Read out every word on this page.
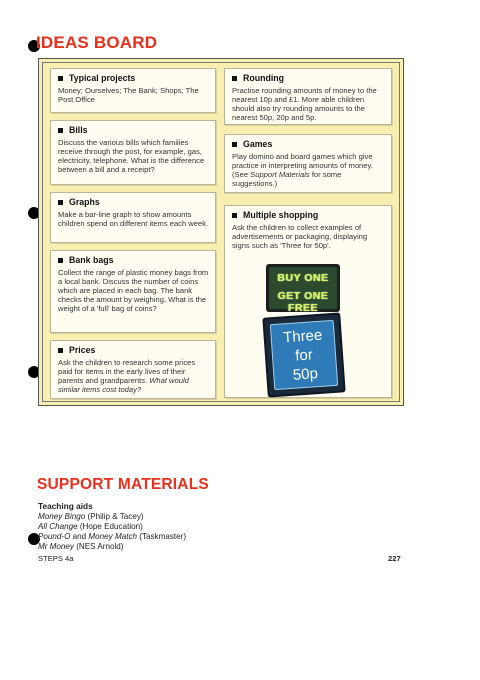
IDEAS BOARD
Typical projects
Money; Ourselves; The Bank; Shops; The Post Office
Bills
Discuss the various bills which families receive through the post, for example, gas, electricity, telephone. What is the difference between a bill and a receipt?
Graphs
Make a bar-line graph to show amounts children spend on different items each week.
Bank bags
Collect the range of plastic money bags from a local bank. Discuss the number of coins which are placed in each bag. The bank checks the amount by weighing. What is the weight of a 'full' bag of coins?
Prices
Ask the children to research some prices paid for items in the early lives of their parents and grandparents. What would similar items cost today?
Rounding
Practise rounding amounts of money to the nearest 10p and £1. More able children should also try rounding amounts to the nearest 50p, 20p and 5p.
Games
Play domino and board games which give practice in interpreting amounts of money. (See Support Materials for some suggestions.)
Multiple shopping
Ask the children to collect examples of advertisements or packaging, displaying signs such as 'Three for 50p'.
BUY ONE
GET ONE FREE
Three
for
50p
SUPPORT MATERIALS
Teaching aids
Money Bingo (Philip & Tacey)
All Change (Hope Education)
Pound-O and Money Match (Taskmaster)
Mr Money (NES Arnold)
STEPS 4a	227
